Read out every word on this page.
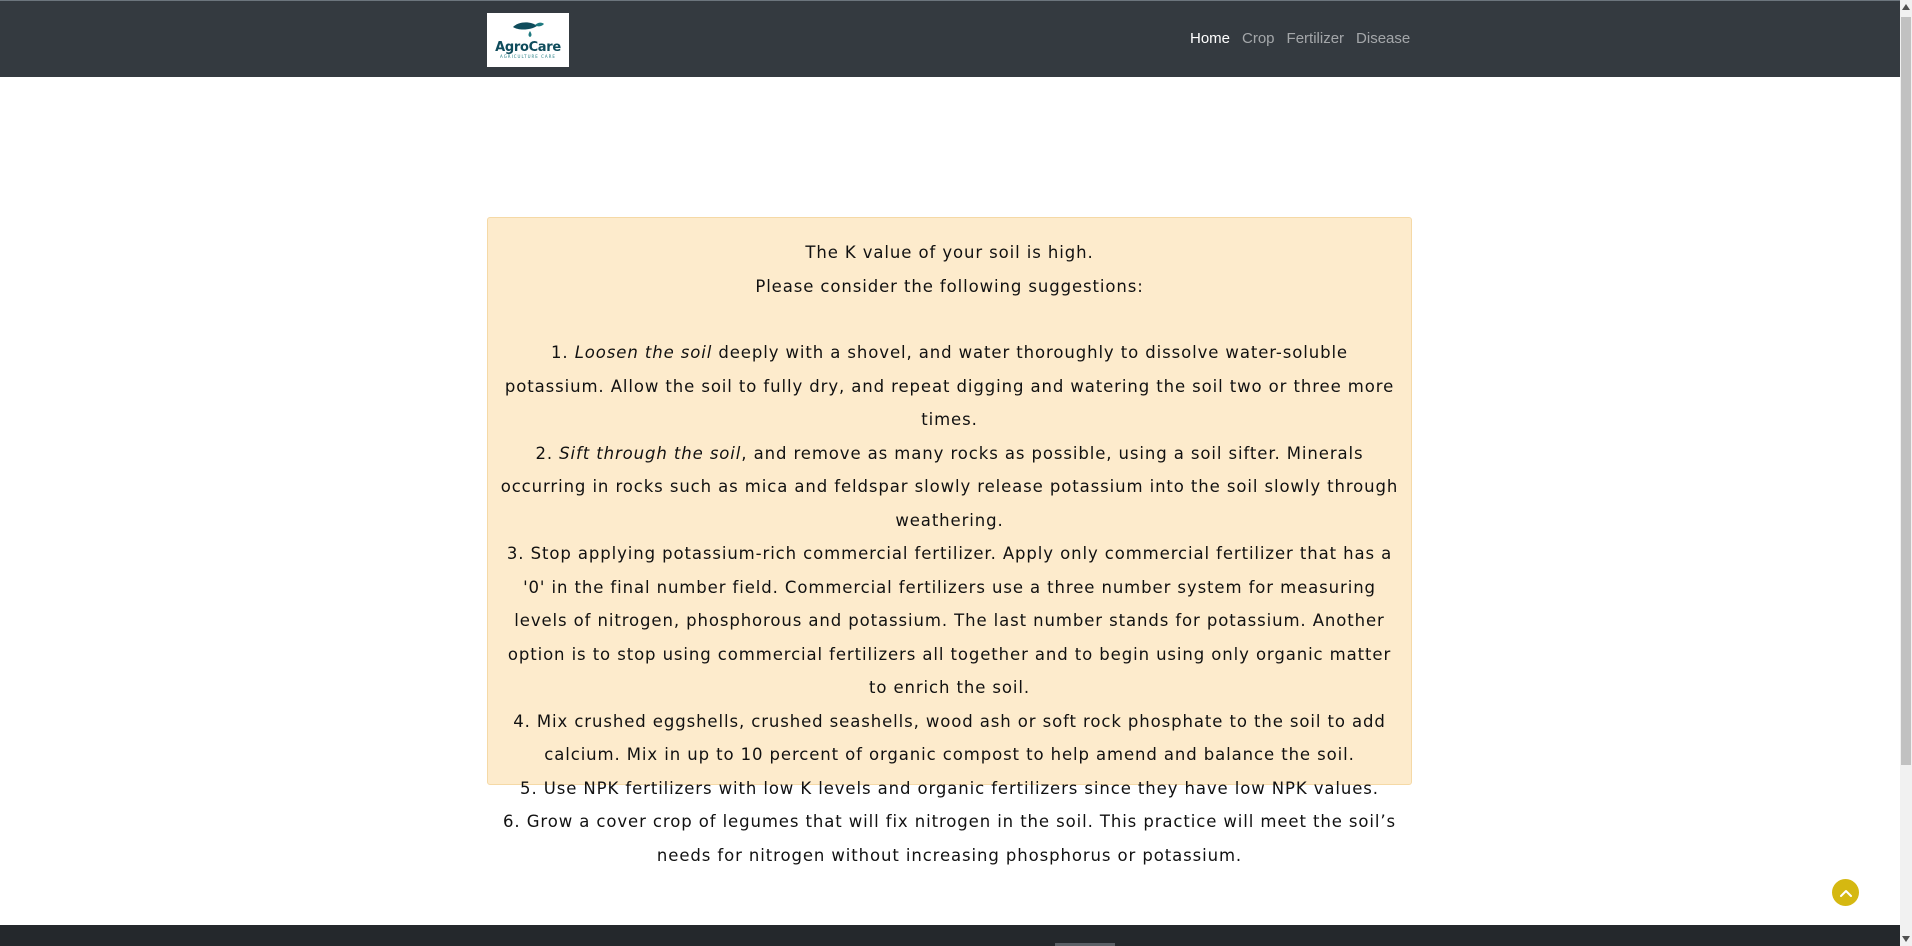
AgroCare
AGRICULTURE CARE
Home Crop Fertilizer Disease

The K value of your soil is high.

Please consider the following suggestions:

1. Loosen the soil deeply with a shovel, and water thoroughly to dissolve water-soluble potassium. Allow the soil to fully dry, and repeat digging and watering the soil two or three more times.

2. Sift through the soil, and remove as many rocks as possible, using a soil sifter. Minerals occurring in rocks such as mica and feldspar slowly release potassium into the soil slowly through weathering.

3. Stop applying potassium-rich commercial fertilizer. Apply only commercial fertilizer that has a '0' in the final number field. Commercial fertilizers use a three number system for measuring levels of nitrogen, phosphorous and potassium. The last number stands for potassium. Another option is to stop using commercial fertilizers all together and to begin using only organic matter to enrich the soil.

4. Mix crushed eggshells, crushed seashells, wood ash or soft rock phosphate to the soil to add calcium. Mix in up to 10 percent of organic compost to help amend and balance the soil.

5. Use NPK fertilizers with low K levels and organic fertilizers since they have low NPK values.

6. Grow a cover crop of legumes that will fix nitrogen in the soil. This practice will meet the soil’s needs for nitrogen without increasing phosphorus or potassium.
